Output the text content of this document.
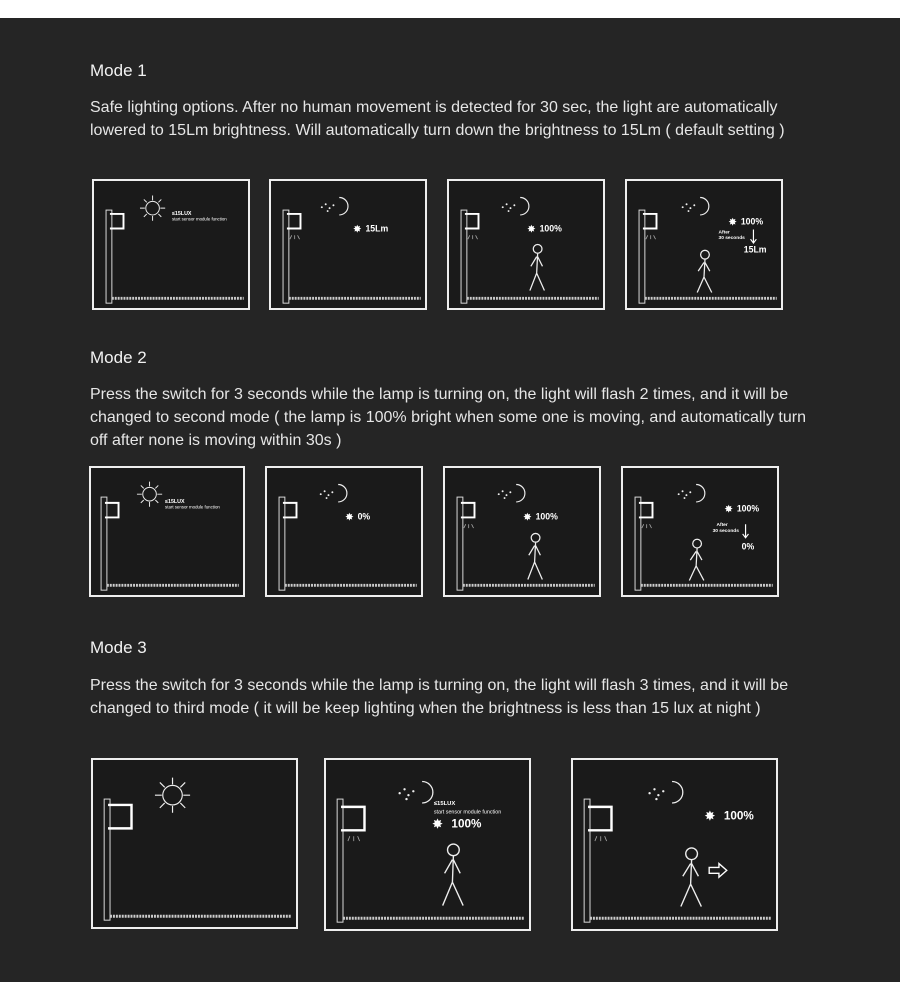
Mode 1
Safe lighting options. After no human movement is detected for 30 sec, the light are automatically lowered to 15Lm brightness. Will automatically turn down the brightness to 15Lm ( default setting )
≤15LUX
start sensor module function
✸ 15Lm	✸ 100%	✸ 100%
After
30 seconds
15Lm
Mode 2
Press the switch for 3 seconds while the lamp is turning on, the light will flash 2 times, and it will be changed to second mode ( the lamp is 100% bright when some one is moving, and automatically turn off after none is moving within 30s )
≤15LUX
start sensor module function
✸ 0%	✸ 100%
✸ 100%
After
30 seconds
0%
Mode 3
Press the switch for 3 seconds while the lamp is turning on, the light will flash 3 times, and it will be changed to third mode ( it will be keep lighting when the brightness is less than 15 lux at night )
≤15LUX
start sensor module function
✸ 100%
✸ 100%
